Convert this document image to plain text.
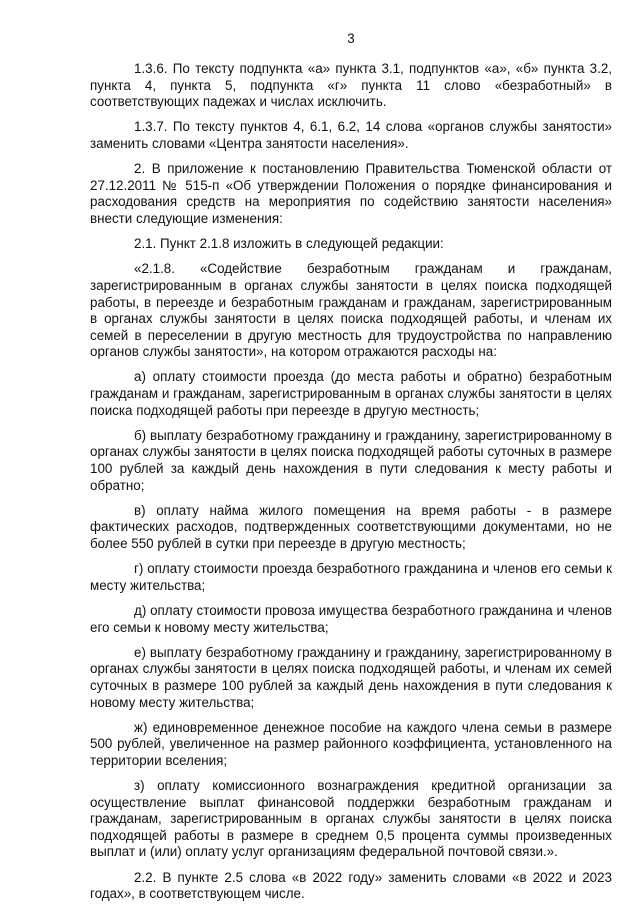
3

1.3.6. По тексту подпункта «а» пункта 3.1, подпунктов «а», «б» пункта 3.2, пункта 4, пункта 5, подпункта «г» пункта 11 слово «безработный» в соответствующих падежах и числах исключить.

1.3.7. По тексту пунктов 4, 6.1, 6.2, 14 слова «органов службы занятости» заменить словами «Центра занятости населения».

2. В приложение к постановлению Правительства Тюменской области от 27.12.2011 № 515-п «Об утверждении Положения о порядке финансирования и расходования средств на мероприятия по содействию занятости населения» внести следующие изменения:

2.1. Пункт 2.1.8 изложить в следующей редакции:

«2.1.8. «Содействие безработным гражданам и гражданам, зарегистрированным в органах службы занятости в целях поиска подходящей работы, в переезде и безработным гражданам и гражданам, зарегистрированным в органах службы занятости в целях поиска подходящей работы, и членам их семей в переселении в другую местность для трудоустройства по направлению органов службы занятости», на котором отражаются расходы на:

а) оплату стоимости проезда (до места работы и обратно) безработным гражданам и гражданам, зарегистрированным в органах службы занятости в целях поиска подходящей работы при переезде в другую местность;

б) выплату безработному гражданину и гражданину, зарегистрированному в органах службы занятости в целях поиска подходящей работы суточных в размере 100 рублей за каждый день нахождения в пути следования к месту работы и обратно;

в) оплату найма жилого помещения на время работы - в размере фактических расходов, подтвержденных соответствующими документами, но не более 550 рублей в сутки при переезде в другую местность;

г) оплату стоимости проезда безработного гражданина и членов его семьи к месту жительства;

д) оплату стоимости провоза имущества безработного гражданина и членов его семьи к новому месту жительства;

е) выплату безработному гражданину и гражданину, зарегистрированному в органах службы занятости в целях поиска подходящей работы, и членам их семей суточных в размере 100 рублей за каждый день нахождения в пути следования к новому месту жительства;

ж) единовременное денежное пособие на каждого члена семьи в размере 500 рублей, увеличенное на размер районного коэффициента, установленного на территории вселения;

з) оплату комиссионного вознаграждения кредитной организации за осуществление выплат финансовой поддержки безработным гражданам и гражданам, зарегистрированным в органах службы занятости в целях поиска подходящей работы в размере в среднем 0,5 процента суммы произведенных выплат и (или) оплату услуг организациям федеральной почтовой связи.».

2.2. В пункте 2.5 слова «в 2022 году» заменить словами «в 2022 и 2023 годах», в соответствующем числе.
